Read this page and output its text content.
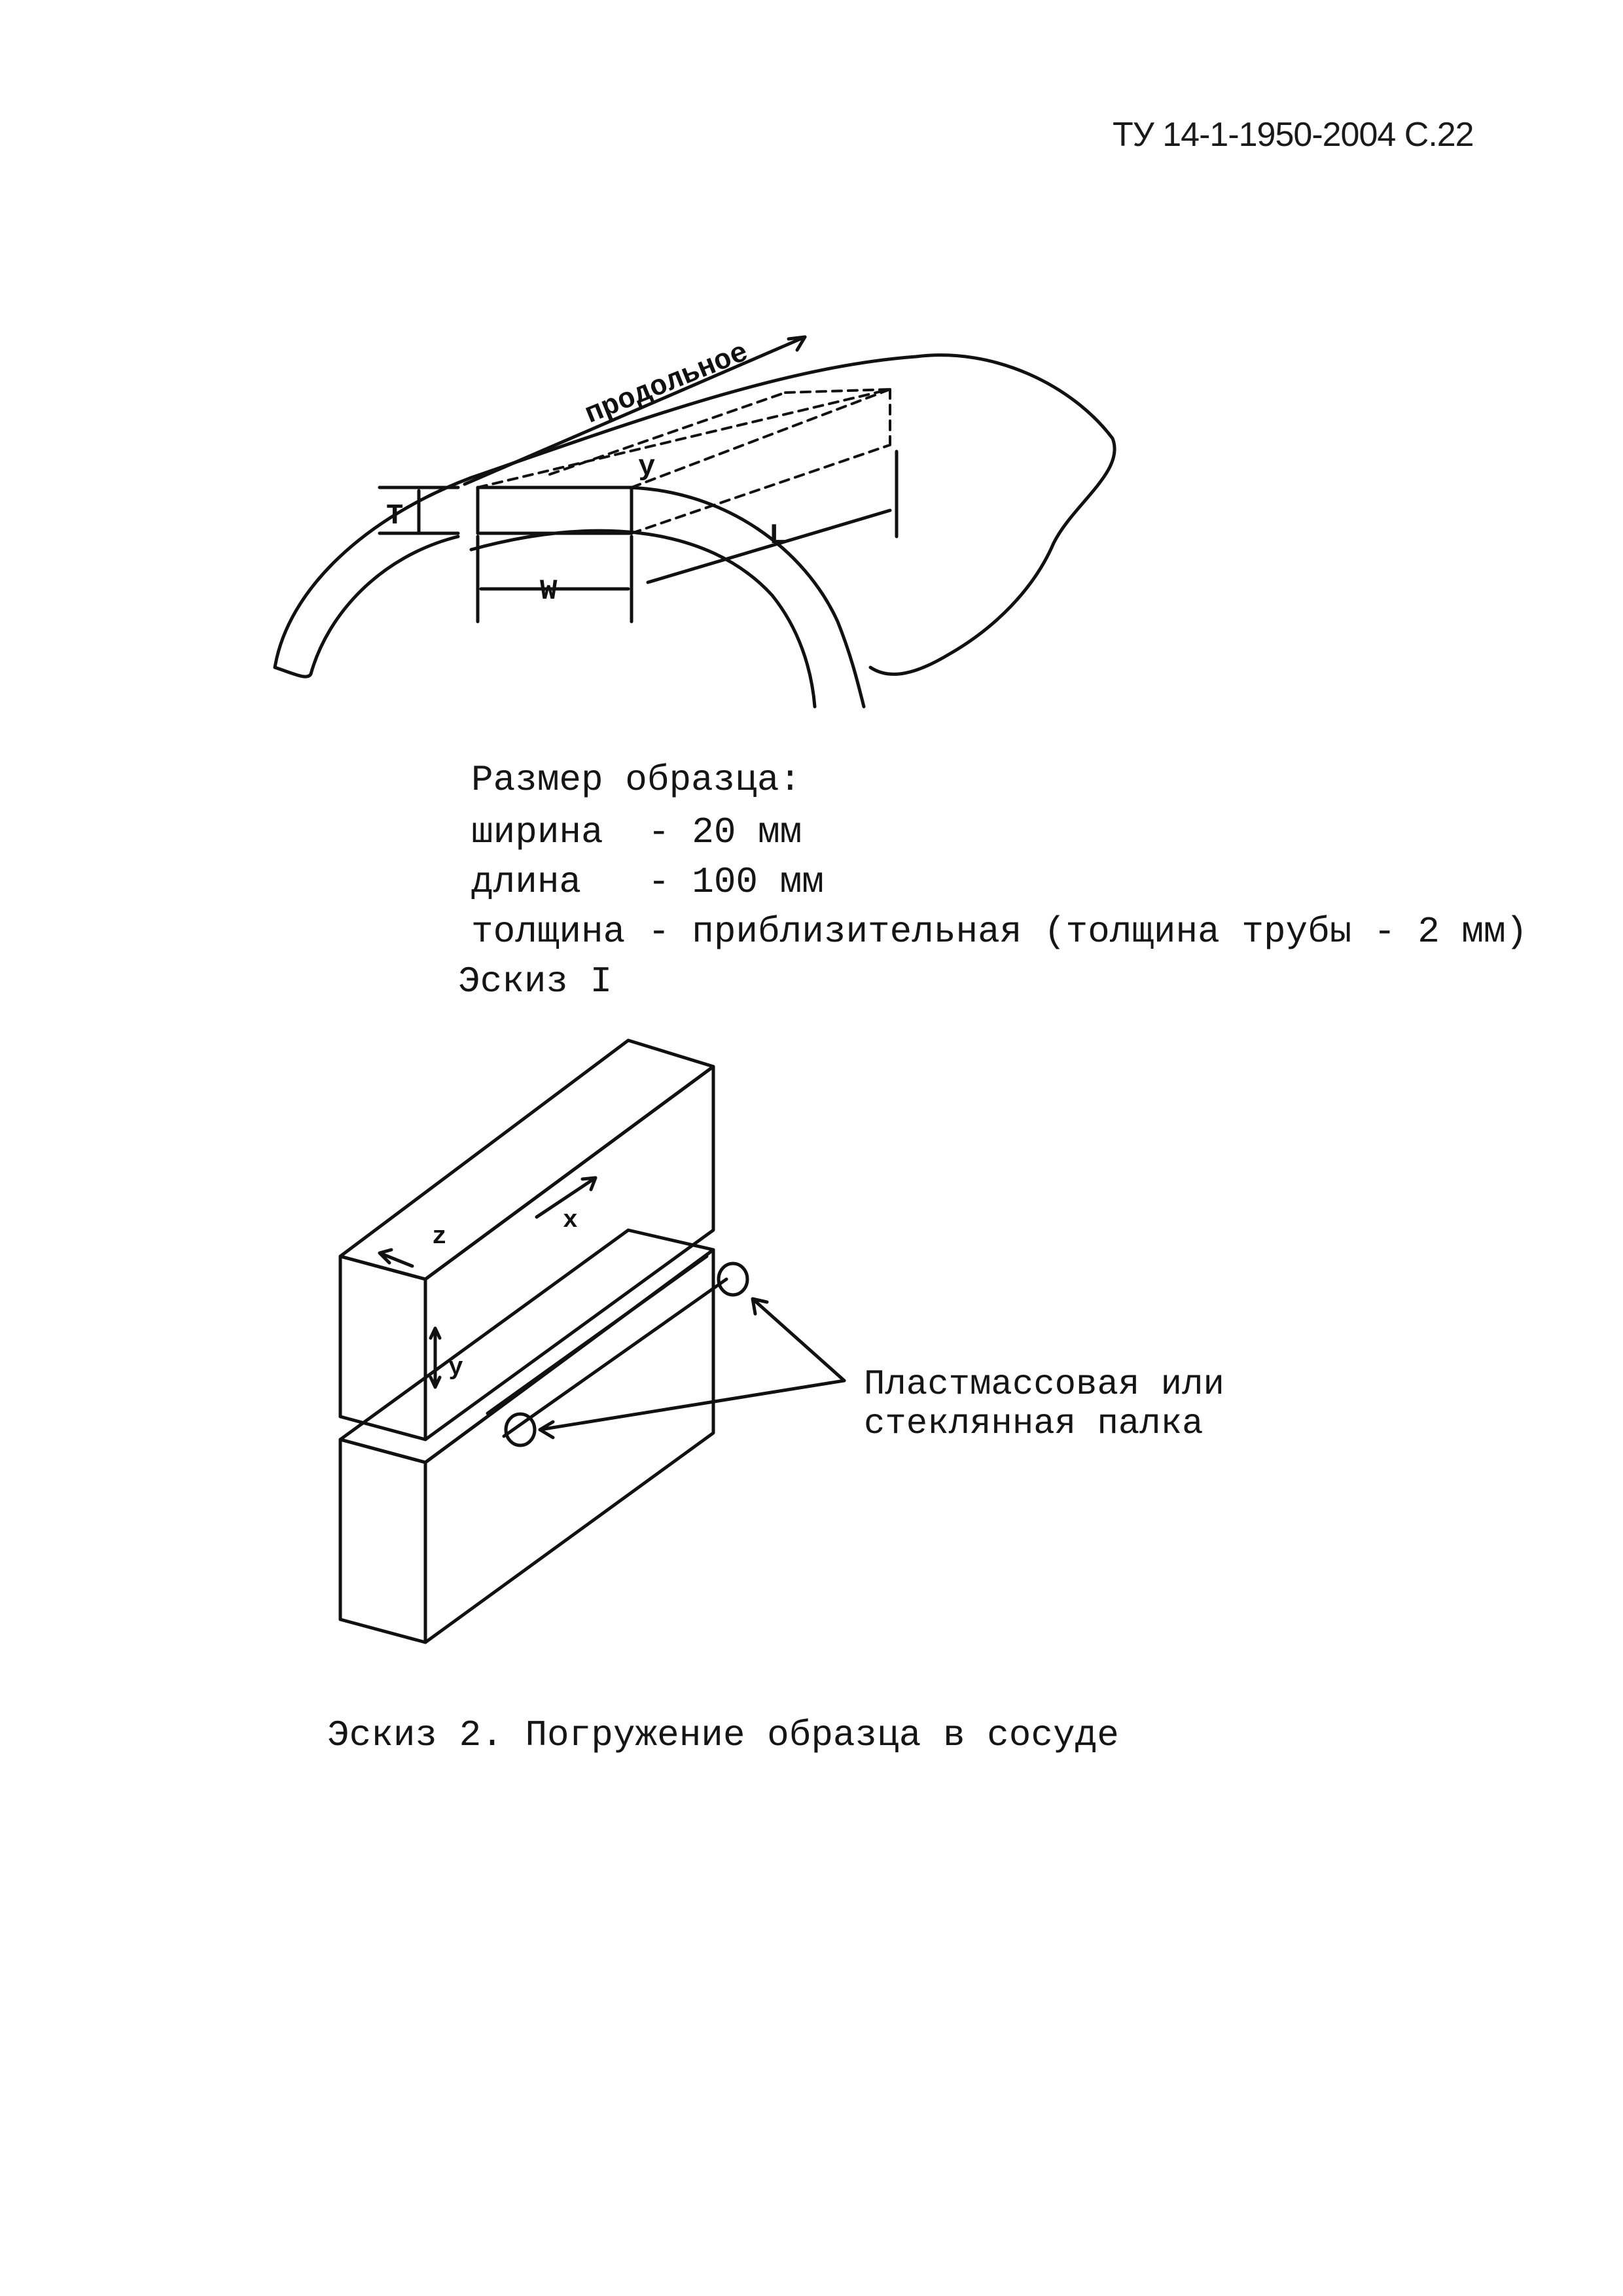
ТУ 14-1-1950-2004 С.22
продольное
T
W
L
y
Размер образца:
ширина - 20 мм
длина - 100 мм
толщина - приблизительная (толщина трубы - 2 мм)
Эскиз I
x
z
y	Пластмассовая или
стеклянная палка
Эскиз 2. Погружение образца в сосуде
